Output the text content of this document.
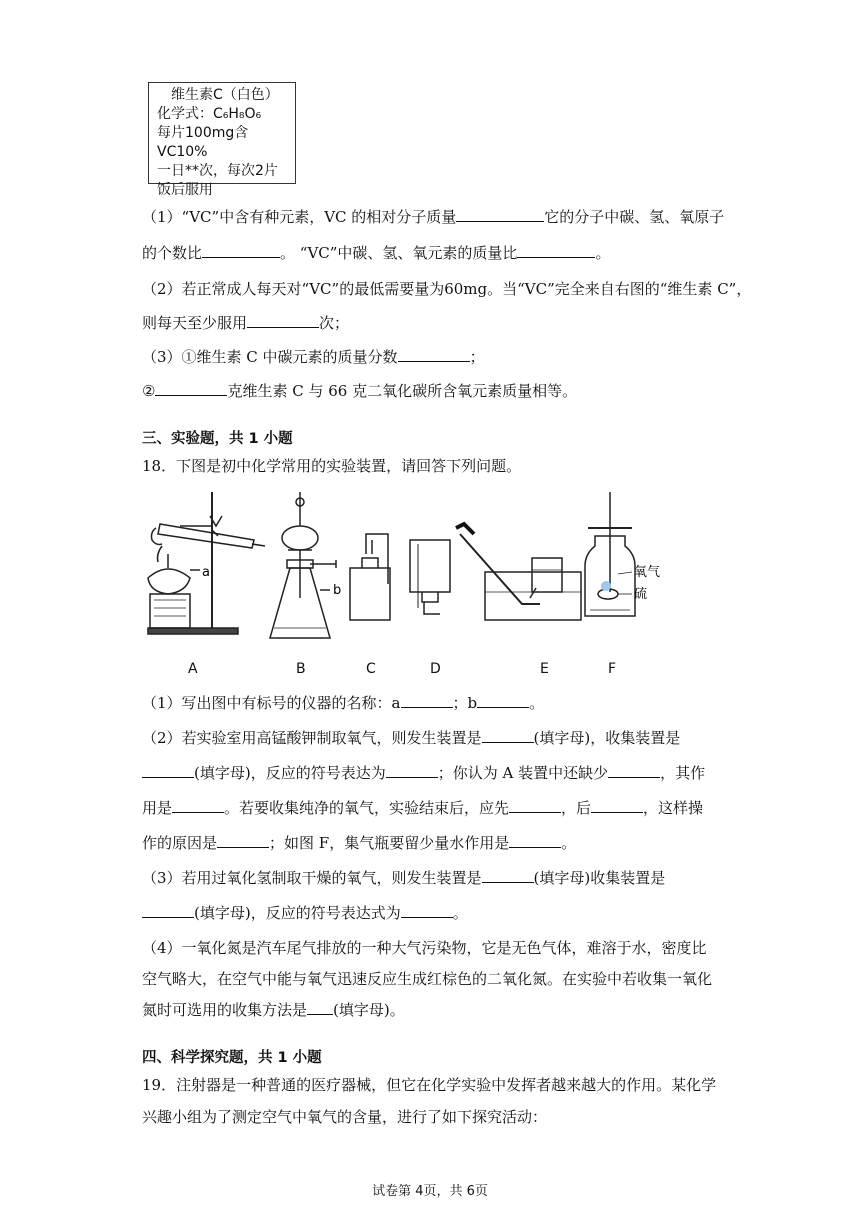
维生素C（白色）
化学式：C₆H₈O₆
每片100mg含VC10%
一日**次，每次2片
饭后服用
（1）“VC”中含有种元素，VC 的相对分子质量	它的分子中碳、氢、氧原子
的个数比	。 “VC”中碳、氢、氧元素的质量比	。
（2）若正常成人每天对“VC”的最低需要量为60mg。当“VC”完全来自右图的“维生素 C”，
则每天至少服用	次；
（3）①维生素 C 中碳元素的质量分数	；
②	克维生素 C 与 66 克二氧化碳所含氧元素质量相等。
三、实验题，共 1 小题
18．下图是初中化学常用的实验装置，请回答下列问题。
a
b
氧气
硫
A	B	C	D	E	F
（1）写出图中有标号的仪器的名称：a	；b	。
（2）若实验室用高锰酸钾制取氧气，则发生装置是	(填字母)，收集装置是
(填字母)，反应的符号表达为	；你认为 A 装置中还缺少	，其作
用是	。若要收集纯净的氧气，实验结束后，应先	，后	，这样操
作的原因是	；如图 F，集气瓶要留少量水作用是	。
（3）若用过氧化氢制取干燥的氧气，则发生装置是	(填字母)收集装置是
(填字母)，反应的符号表达式为	。
（4）一氧化氮是汽车尾气排放的一种大气污染物，它是无色气体，难溶于水，密度比
空气略大，在空气中能与氧气迅速反应生成红棕色的二氧化氮。在实验中若收集一氧化
氮时可选用的收集方法是 (填字母)。
四、科学探究题，共 1 小题
19．注射器是一种普通的医疗器械，但它在化学实验中发挥者越来越大的作用。某化学
兴趣小组为了测定空气中氧气的含量，进行了如下探究活动：
试卷第 4页，共 6页
